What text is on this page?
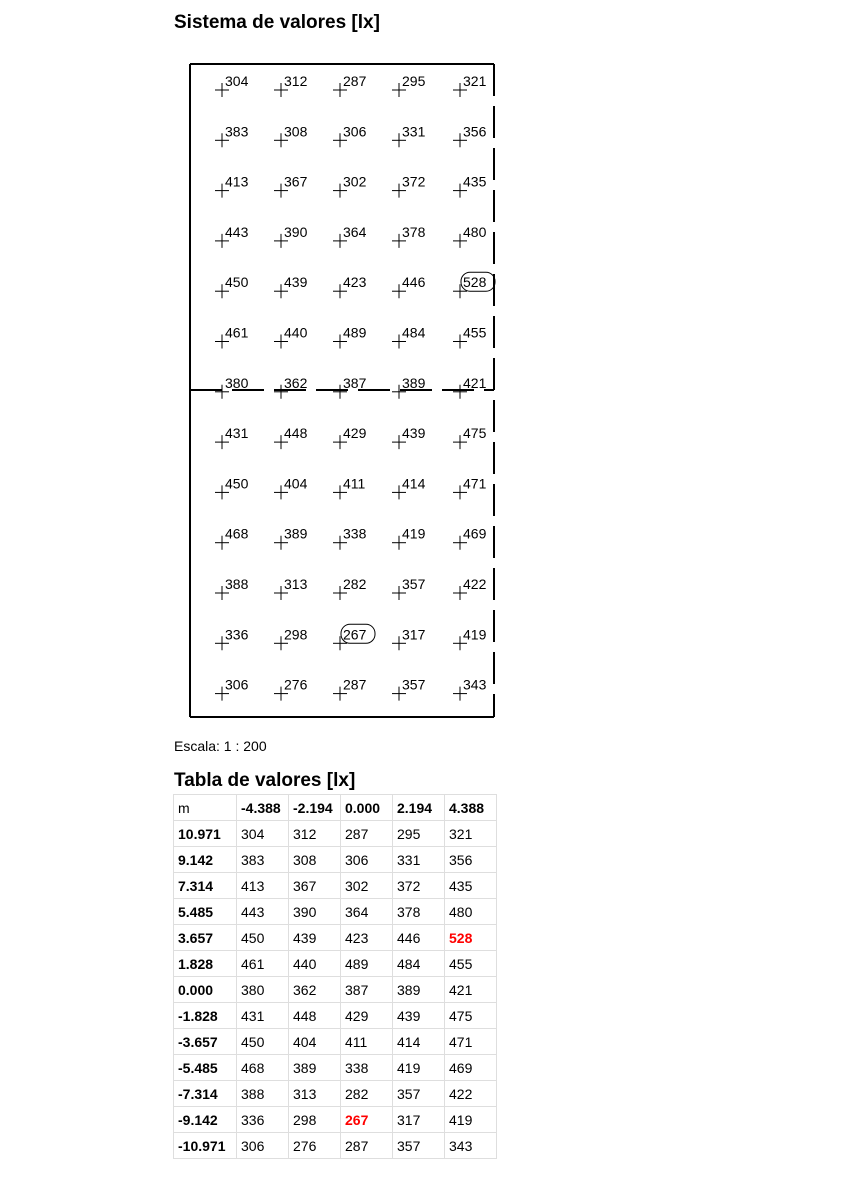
Sistema de valores [lx]
304	312	287	295	321
383	308	306	331	356
413	367	302	372	435
443	390	364	378	480
450	439	423	446	528
461	440	489	484	455
380	362	387	389	421
431	448	429	439	475
450	404	411	414	471
468	389	338	419	469
388	313	282	357	422
336	298	267	317	419
306	276	287	357	343
Escala: 1 : 200
Tabla de valores [lx]
m	-4.388	-2.194	0.000	2.194	4.388
10.971	304	312	287	295	321
9.142	383	308	306	331	356
7.314	413	367	302	372	435
5.485	443	390	364	378	480
3.657	450	439	423	446	528
1.828	461	440	489	484	455
0.000	380	362	387	389	421
-1.828	431	448	429	439	475
-3.657	450	404	411	414	471
-5.485	468	389	338	419	469
-7.314	388	313	282	357	422
-9.142	336	298	267	317	419
-10.971	306	276	287	357	343
